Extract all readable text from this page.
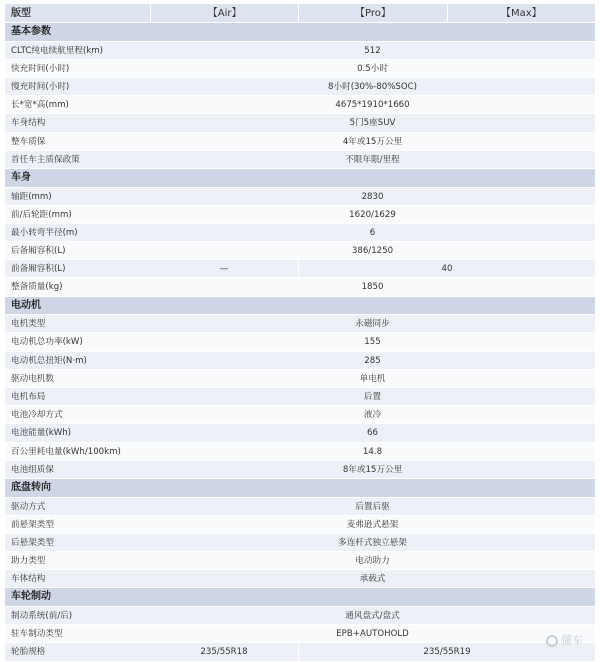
版型	【Air】	【Pro】	【Max】
基本参数
CLTC纯电续航里程(km)	512
快充时间(小时)	0.5小时
慢充时间(小时)	8小时(30%-80%SOC)
长*宽*高(mm)	4675*1910*1660
车身结构	5门5座SUV
整车质保	4年或15万公里
首任车主质保政策	不限年限/里程
车身
轴距(mm)	2830
前/后轮距(mm)	1620/1629
最小转弯半径(m)	6
后备厢容积(L)	386/1250
前备厢容积(L)	—	40
整备质量(kg)	1850
电动机
电机类型	永磁同步
电动机总功率(kW)	155
电动机总扭矩(N·m)	285
驱动电机数	单电机
电机布局	后置
电池冷却方式	液冷
电池能量(kWh)	66
百公里耗电量(kWh/100km)	14.8
电池组质保	8年或15万公里
底盘转向
驱动方式	后置后驱
前悬架类型	麦弗逊式悬架
后悬架类型	多连杆式独立悬架
助力类型	电动助力
车体结构	承载式
车轮制动
制动系统(前/后)	通风盘式/盘式
驻车制动类型	EPB+AUTOHOLD
轮胎规格	235/55R18	235/55R19
懂车
